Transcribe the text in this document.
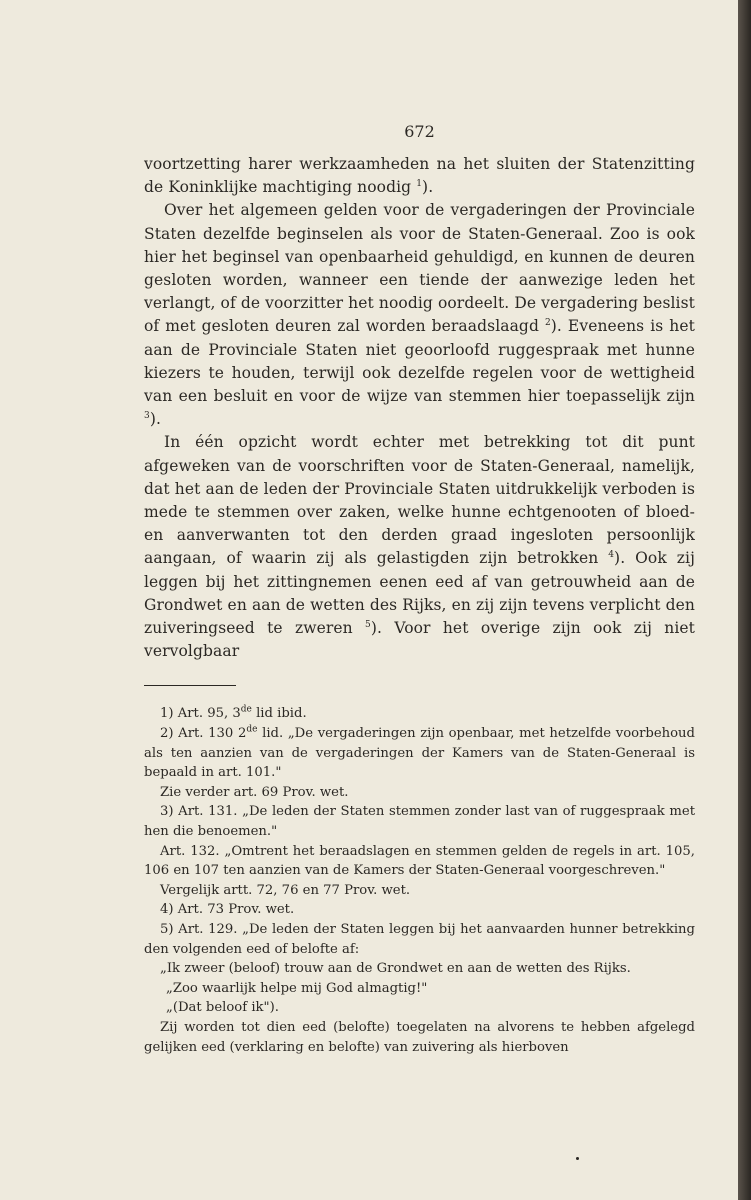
672

voortzetting harer werkzaamheden na het sluiten der Statenzitting de Koninklijke machtiging noodig $^1$).

Over het algemeen gelden voor de vergaderingen der Provinciale Staten dezelfde beginselen als voor de Staten-Generaal. Zoo is ook hier het beginsel van openbaarheid gehuldigd, en kunnen de deuren gesloten worden, wanneer een tiende der aanwezige leden het verlangt, of de voorzitter het noodig oordeelt. De vergadering beslist of met gesloten deuren zal worden beraadslaagd $^2$). Eveneens is het aan de Provinciale Staten niet geoorloofd ruggespraak met hunne kiezers te houden, terwijl ook dezelfde regelen voor de wettigheid van een besluit en voor de wijze van stemmen hier toepasselijk zijn $^3$).

In één opzicht wordt echter met betrekking tot dit punt afgeweken van de voorschriften voor de Staten-Generaal, namelijk, dat het aan de leden der Provinciale Staten uitdrukkelijk verboden is mede te stemmen over zaken, welke hunne echtgenooten of bloed- en aanverwanten tot den derden graad ingesloten persoonlijk aangaan, of waarin zij als gelastigden zijn betrokken $^4$). Ook zij leggen bij het zittingnemen eenen eed af van getrouwheid aan de Grondwet en aan de wetten des Rijks, en zij zijn tevens verplicht den zuiveringseed te zweren $^5$). Voor het overige zijn ook zij niet vervolgbaar

1) Art. 95, 3de lid ibid.

2) Art. 130 2de lid. „De vergaderingen zijn openbaar, met hetzelfde voorbehoud als ten aanzien van de vergaderingen der Kamers van de Staten-Generaal is bepaald in art. 101."

Zie verder art. 69 Prov. wet.

3) Art. 131. „De leden der Staten stemmen zonder last van of ruggespraak met hen die benoemen."

Art. 132. „Omtrent het beraadslagen en stemmen gelden de regels in art. 105, 106 en 107 ten aanzien van de Kamers der Staten-Generaal voorgeschreven."

Vergelijk artt. 72, 76 en 77 Prov. wet.

4) Art. 73 Prov. wet.

5) Art. 129. „De leden der Staten leggen bij het aanvaarden hunner betrekking den volgenden eed of belofte af:

„Ik zweer (beloof) trouw aan de Grondwet en aan de wetten des Rijks.

„Zoo waarlijk helpe mij God almagtig!"

„(Dat beloof ik").

Zij worden tot dien eed (belofte) toegelaten na alvorens te hebben afgelegd gelijken eed (verklaring en belofte) van zuivering als hierboven
